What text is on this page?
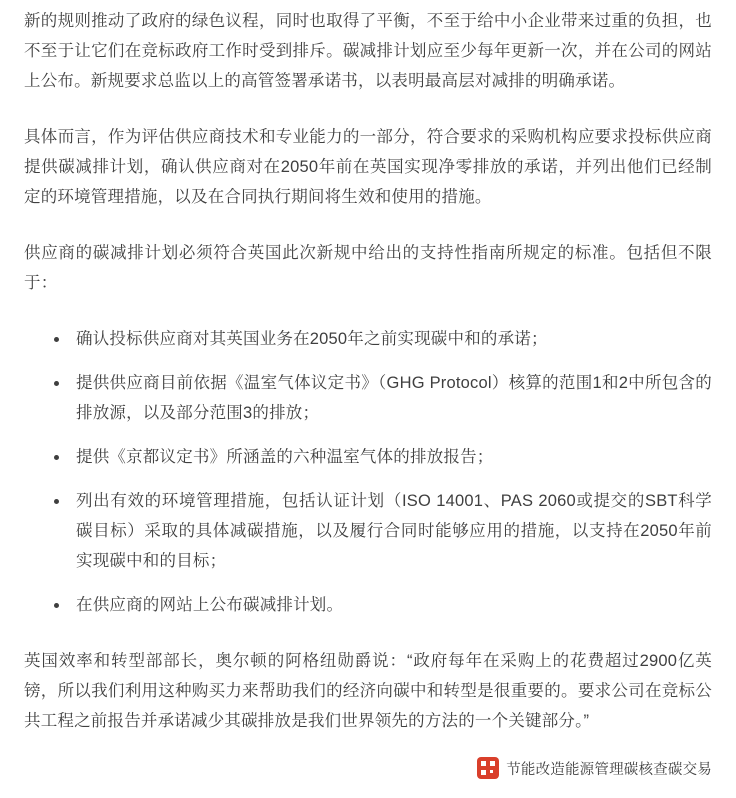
新的规则推动了政府的绿色议程，同时也取得了平衡，不至于给中小企业带来过重的负担，也不至于让它们在竞标政府工作时受到排斥。碳减排计划应至少每年更新一次，并在公司的网站上公布。新规要求总监以上的高管签署承诺书，以表明最高层对减排的明确承诺。

具体而言，作为评估供应商技术和专业能力的一部分，符合要求的采购机构应要求投标供应商提供碳减排计划，确认供应商对在2050年前在英国实现净零排放的承诺，并列出他们已经制定的环境管理措施，以及在合同执行期间将生效和使用的措施。

供应商的碳减排计划必须符合英国此次新规中给出的支持性指南所规定的标准。包括但不限于：

确认投标供应商对其英国业务在2050年之前实现碳中和的承诺；
提供供应商目前依据《温室气体议定书》（GHG Protocol）核算的范围1和2中所包含的排放源，以及部分范围3的排放；
提供《京都议定书》所涵盖的六种温室气体的排放报告；
列出有效的环境管理措施，包括认证计划（ISO 14001、PAS 2060或提交的SBT科学碳目标）采取的具体减碳措施，以及履行合同时能够应用的措施，以支持在2050年前实现碳中和的目标；
在供应商的网站上公布碳减排计划。

英国效率和转型部部长，奥尔顿的阿格纽勋爵说：“政府每年在采购上的花费超过2900亿英镑，所以我们利用这种购买力来帮助我们的经济向碳中和转型是很重要的。要求公司在竞标公共工程之前报告并承诺减少其碳排放是我们世界领先的方法的一个关键部分。”

节能改造能源管理碳核查碳交易
